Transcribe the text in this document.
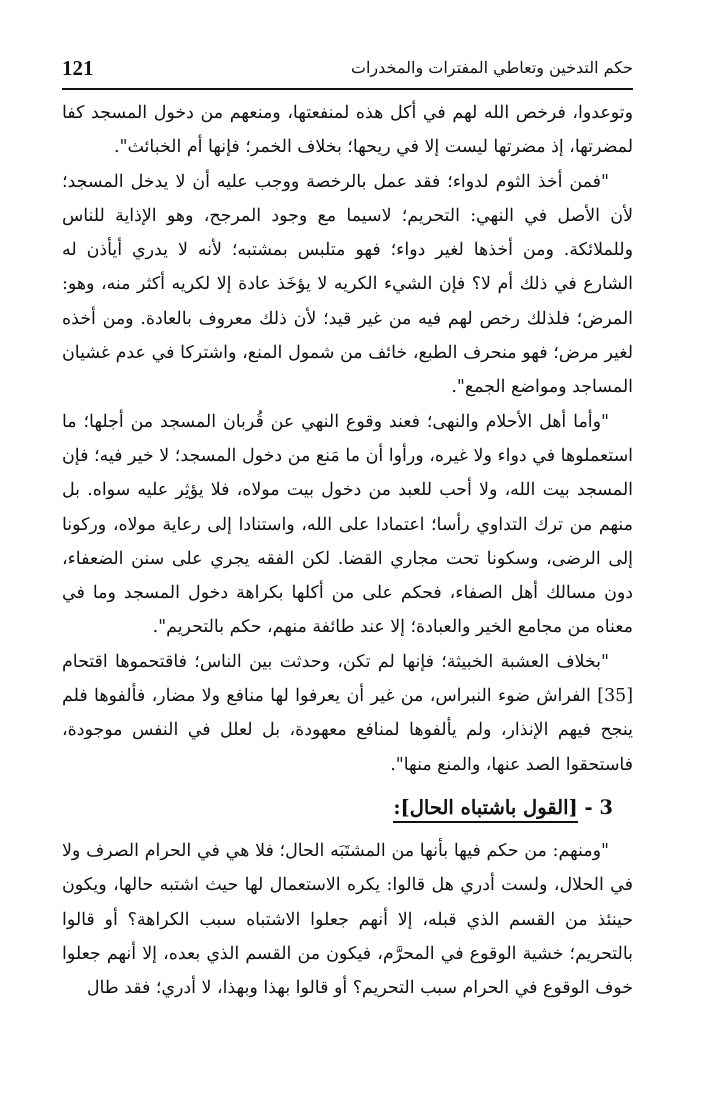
121	حكم التدخين وتعاطي المفترات والمخدرات

وتوعدوا، فرخص الله لهم في أكل هذه لمنفعتها، ومنعهم من دخول المسجد كفا لمضرتها، إذ مضرتها ليست إلا في ريحها؛ بخلاف الخمر؛ فإنها أم الخبائث".

"فمن أخذ الثوم لدواء؛ فقد عمل بالرخصة ووجب عليه أن لا يدخل المسجد؛ لأن الأصل في النهي: التحريم؛ لاسيما مع وجود المرجح، وهو الإذاية للناس وللملائكة. ومن أخذها لغير دواء؛ فهو متلبس بمشتبه؛ لأنه لا يدري أيأذن له الشارع في ذلك أم لا؟ فإن الشيء الكريه لا يؤخَذ عادة إلا لكريه أكثر منه، وهو: المرض؛ فلذلك رخص لهم فيه من غير قيد؛ لأن ذلك معروف بالعادة. ومن أخذه لغير مرض؛ فهو منحرف الطبع، خائف من شمول المنع، واشتركا في عدم غشيان المساجد ومواضع الجمع".

"وأما أهل الأحلام والنهى؛ فعند وقوع النهي عن قُربان المسجد من أجلها؛ ما استعملوها في دواء ولا غيره، ورأوا أن ما مَنع من دخول المسجد؛ لا خير فيه؛ فإن المسجد بيت الله، ولا أحب للعبد من دخول بيت مولاه، فلا يؤثِر عليه سواه. بل منهم من ترك التداوي رأسا؛ اعتمادا على الله، واستنادا إلى رعاية مولاه، وركونا إلى الرضى، وسكونا تحت مجاري القضا. لكن الفقه يجري على سنن الضعفاء، دون مسالك أهل الصفاء، فحكم على من أكلها بكراهة دخول المسجد وما في معناه من مجامع الخير والعبادة؛ إلا عند طائفة منهم، حكم بالتحريم".

"بخلاف العشبة الخبيثة؛ فإنها لم تكن، وحدثت بين الناس؛ فاقتحموها اقتحام [35] الفراش ضوء النبراس، من غير أن يعرفوا لها منافع ولا مضار، فألفوها فلم ينجح فيهم الإنذار، ولم يألفوها لمنافع معهودة، بل لعلل في النفس موجودة، فاستحقوا الصد عنها، والمنع منها".

3 - [القول باشتباه الحال]:

"ومنهم: من حكم فيها بأنها من المشتَبَه الحال؛ فلا هي في الحرام الصرف ولا في الحلال، ولست أدري هل قالوا: يكره الاستعمال لها حيث اشتبه حالها، ويكون حينئذ من القسم الذي قبله، إلا أنهم جعلوا الاشتباه سبب الكراهة؟ أو قالوا بالتحريم؛ خشية الوقوع في المحرَّم، فيكون من القسم الذي بعده، إلا أنهم جعلوا خوف الوقوع في الحرام سبب التحريم؟ أو قالوا بهذا وبهذا، لا أدري؛ فقد طال
